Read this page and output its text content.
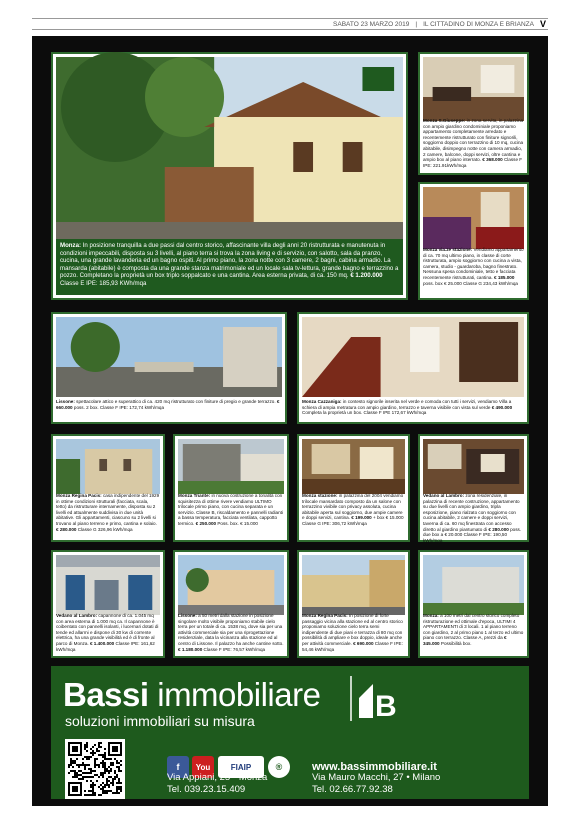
SABATO 23 MARZO 2019 | IL CITTADINO DI MONZA E BRIANZA V
Monza: In posizione tranquilla a due passi dal centro storico, affascinante villa degli anni 20 ristrutturata e manutenuta in condizioni impeccabili, disposta su 3 livelli, al piano terra si trova la zona living e di servizio, con salotto, sala da pranzo, cucina, una grande lavanderia ed un bagno ospiti. Al primo piano, la zona notte con 3 camere, 2 bagni, cabina armadio. La mansarda (abitabile) è composta da una grande stanza matrimoniale ed un locale sala tv-lettura, grande bagno e terrazzino a pozzo. Completano la proprietà un box triplo soppalcato e una cantina. Area esterna privata, di ca. 150 mq. € 1.200.000 Classe E IPE: 185,93 KWh/mqa
Monza S.Giuseppe: in zona servita, in palazzina con ampio giardino condominiale proponiamo appartamento completamente arredato e recentemente ristrutturato con finiture signorili, soggiorno doppio con terrazzino di 10 mq, cucina abitabile, disimpegno notte con camera armadio, 2 camere, balcone, doppi servizi, oltre cantina e ampio box al piano interrato. € 368.000 Classe F IPE: 221.91kWh/mqa
Monza via.ze stazione: Vendiamo appartamento di ca. 70 mq ultimo piano, in classe di corte ristrutturata, ampio soggiorno con cucina a vista, camera, studio - guardaroba, bagno finestrato. Nessuna spesa condominiale, tetto e facciata recentemente ristrutturati, cantina. € 185.000 poss. box € 25.000 Classe G 234,43 kWh/mqa
Lissone: spettacolare attico e superattico di ca. 420 mq ristrutturato con finiture di pregio e grande terrazzo. € 660.000 poss. 2 box. Classe F IPE: 172,74 kWh/mqa
Monza Cazzaniga: in contesto signorile inserita nel verde e comoda con tutti i servizi, vendiamo Villa a schiera di ampia metratura con ampio giardino, terrazzo e taverna visibile con vista sul verde € 490.000 Completa la proprietà un box. Classe F IPE 172,67 kWh/mqa
Monza Regina Pacis: casa indipendente del 1929 in ottime condizioni strutturali (facciata, scala, tetto) da ristrutturare internamente, disposta su 2 livelli ed attualmente suddivisa in due unità abitative. Gli appartamenti, ciascuno su 2 livelli si trovano al piano terreno e primo, cantina e solaio. € 280.000 Classe G 326,96 kWh/mqa
Monza Triante: in nuova costruzione a tonalità con squisitezza di ottime rivere vendiamo ULTIMO trilocale primo piano, con cucina separata e un servizio. Classe B, riscaldamento e pannelli radianti a bassa temperatura, facciata ventilata, cappotto termico. € 250.000 Poss. box. € 15.000
Monza stazione: in palazzina del 2004 vendiamo trilocale mansardato composto da un salone con terrazzino vivibile con privacy assoluta, cucina abitabile aperta sul soggiorno, due ampie camere e doppi servizi, cantina. € 199.000 + box € 15.000 Classe G IPE: 306,72 kWh/mqa
Vedano al Lambro: zona residenziale, in palazzina di recente costruzione, appartamento su due livelli con ampio giardino, tripla esposizione, piano rialzato con soggiorno con cucina abitabile, 2 camere e doppi servizi, taverna di ca. 60 mq finestrata con accesso diretto al giardino piantumato di € 280.000 poss. due box a € 20.000 Classe F IPE: 190,50 kWh/mqa
Vedano al Lambro: capannone di ca. 1.045 mq con area esterna di 1.000 mq ca. Il capannone è coibentato con pannelli isolanti, i lucernari dotati di tende ed allarmi e dispone di 30 kw di corrente elettrica, ha una grande visibilità ed è di fronte al parco di Monza. € 1.400.000 Classe IPE: 161,62 kWh/mqa
Lissone: a 50 metri dalla stazione in posizione singolare molto visibile proponiamo stabile cielo terra per un totale di ca. 1538 mq, dove sia per una attività commerciale sia per una riprogettazione residenziale, data la vicinanza alla stazione ed al centro di Lissone. Il palazzo ha anche cantine sotto. € 1.180.000 Classe F IPE: 76,57 kWh/mqa
Monza Regina Pacis: In posizione di forte passaggio vicina alla stazione ed al centro storico proponiamo soluzione cielo terra semi indipendente di due piani e terrazza di 80 mq con possibilità di ampliare e box doppio, ideale anche per attività commerciale. € 690.000 Classe F IPE: 54,46 kWh/mqa
Monza: a 100 metri dal centro storico completo ristrutturazione ed ottimale d'epoca, ULTIMI 4 APPARTAMENTI di 3 locali. 1 al piano terreno con giardino, 2 al primo piano 1 al terzo ed ultimo piano con terrazzo. Classe A, prezzi da € 345.000 Possibilità box.
Bassi immobiliare
soluzioni immobiliari su misura	B
f You	FIAIP	®	www.bassimmobiliare.it
Via Appiani, 25 • Monza
Tel. 039.23.15.409
Via Mauro Macchi, 27 • Milano
Tel. 02.66.77.92.38
